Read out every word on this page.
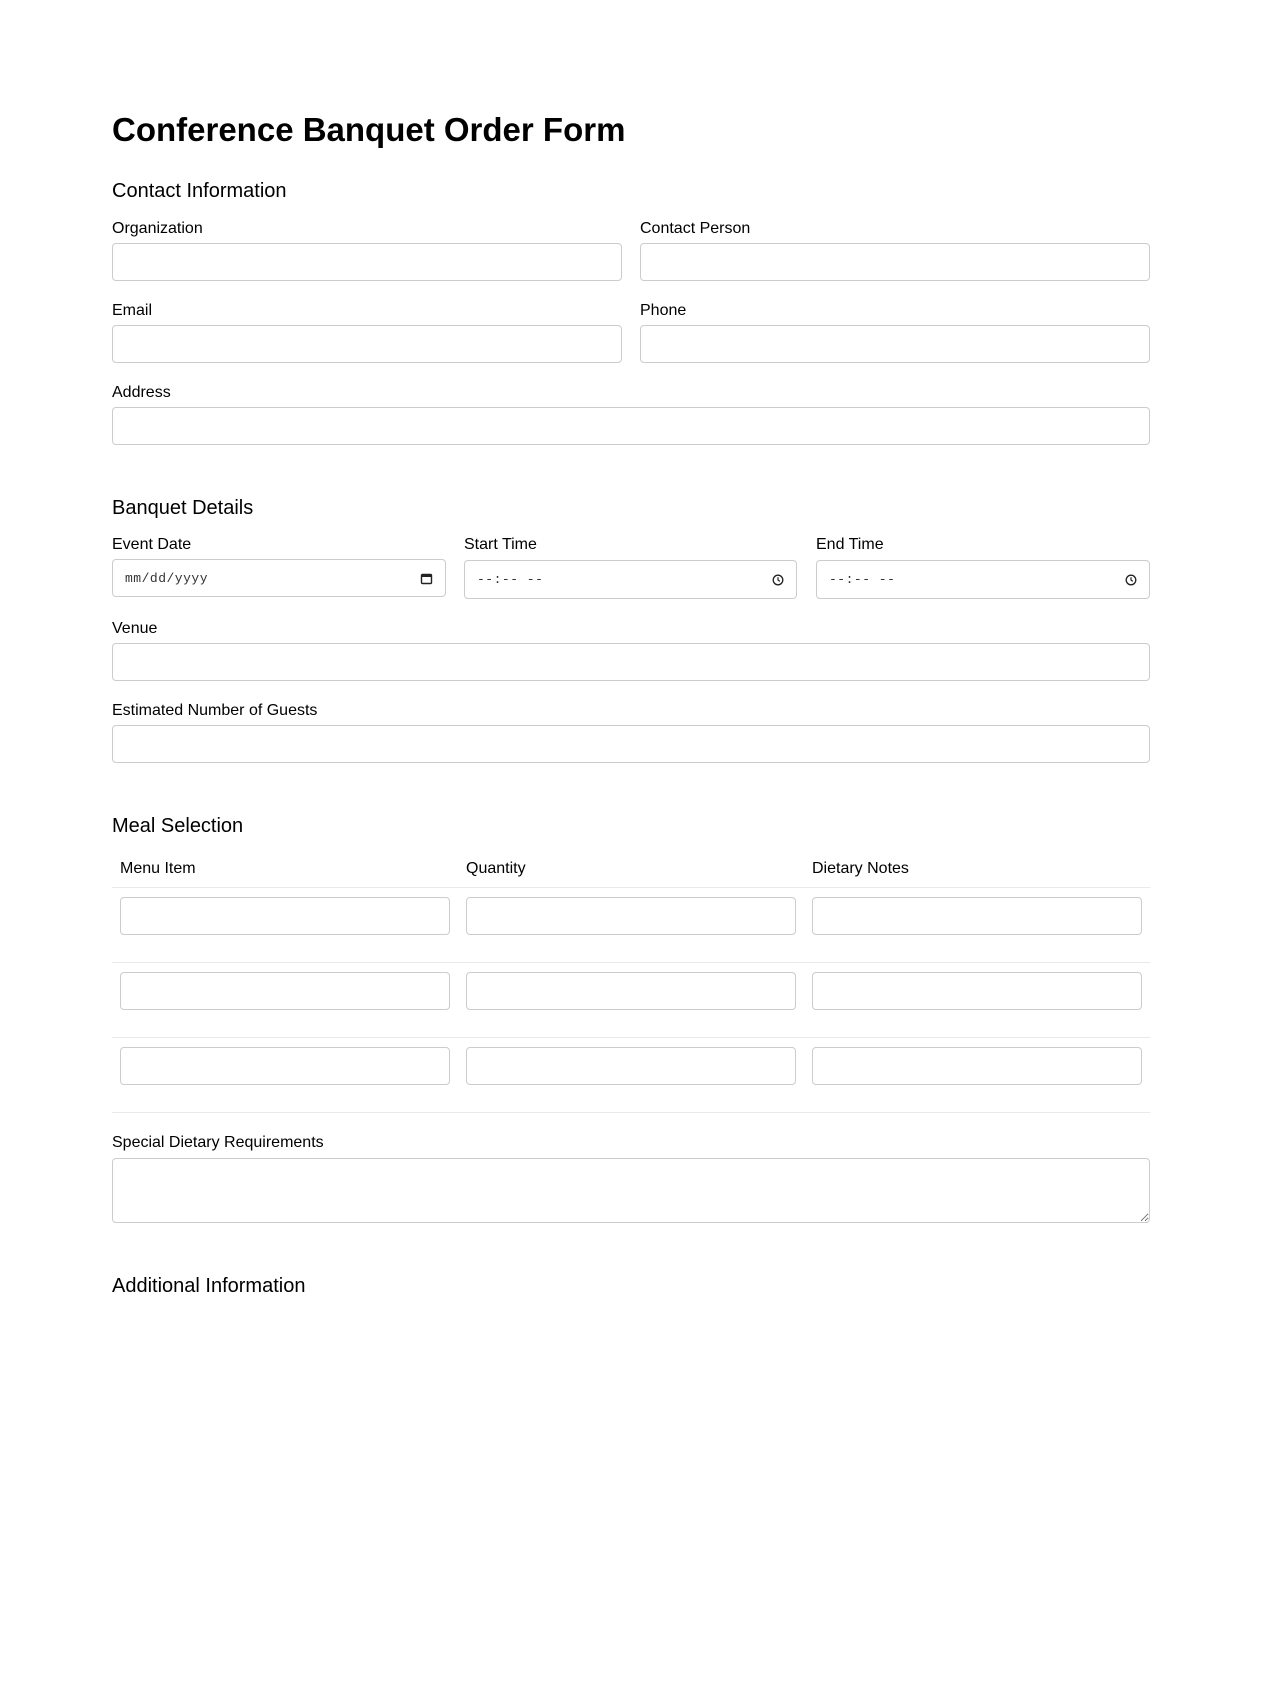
Conference Banquet Order Form
Contact Information
Organization	Contact Person
Email	Phone
Address
Banquet Details
Event Date
mm/dd/yyyy
Start Time
--:-- --
End Time
--:-- --
Venue
Estimated Number of Guests
Meal Selection
Menu Item	Quantity	Dietary Notes
Special Dietary Requirements
Additional Information
